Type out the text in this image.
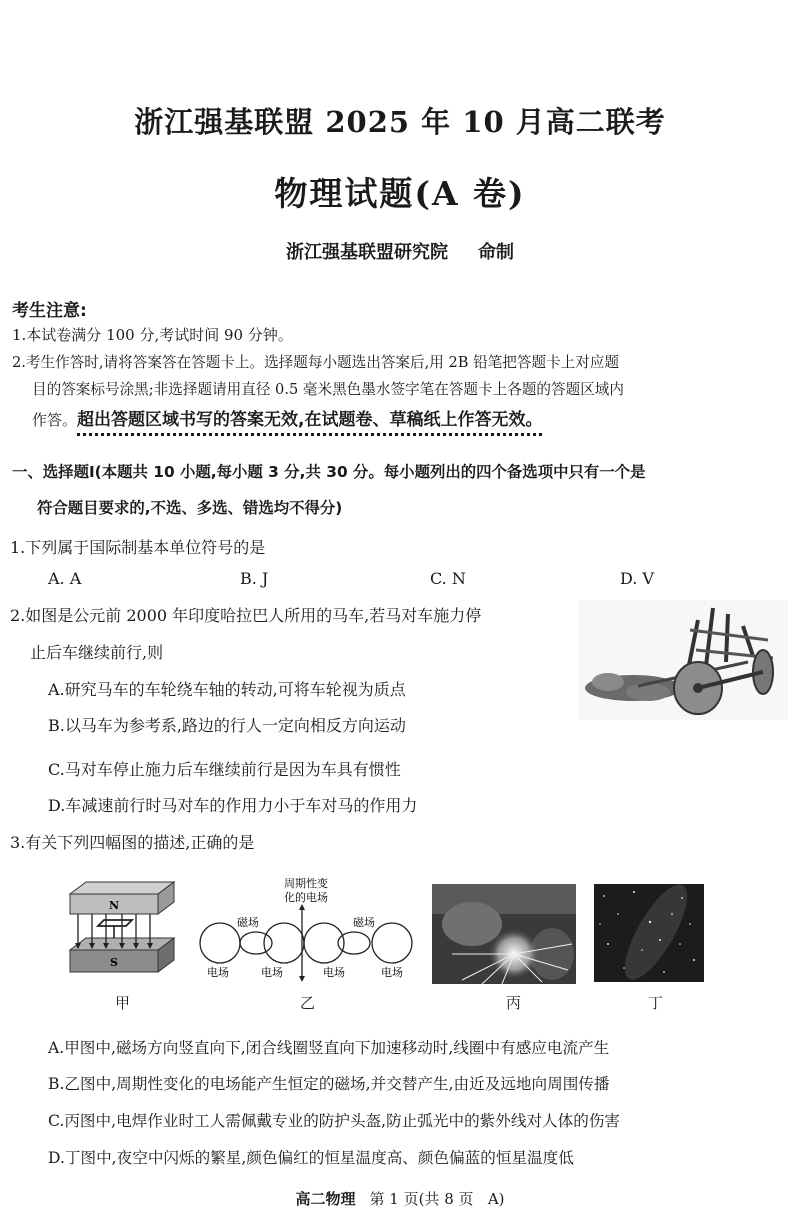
浙江强基联盟 2025 年 10 月高二联考
物理试题(A 卷)
浙江强基联盟研究院 命制
考生注意:
1.本试卷满分 100 分,考试时间 90 分钟。
2.考生作答时,请将答案答在答题卡上。选择题每小题选出答案后,用 2B 铅笔把答题卡上对应题
目的答案标号涂黑;非选择题请用直径 0.5 毫米黑色墨水签字笔在答题卡上各题的答题区域内
作答。超出答题区域书写的答案无效,在试题卷、草稿纸上作答无效。
一、选择题Ⅰ(本题共 10 小题,每小题 3 分,共 30 分。每小题列出的四个备选项中只有一个是
符合题目要求的,不选、多选、错选均不得分)
1.下列属于国际制基本单位符号的是
A. A	B. J	C. N	D. V
2.如图是公元前 2000 年印度哈拉巴人所用的马车,若马对车施力停
止后车继续前行,则
A.研究马车的车轮绕车轴的转动,可将车轮视为质点
B.以马车为参考系,路边的行人一定向相反方向运动
C.马对车停止施力后车继续前行是因为车具有惯性
D.车减速前行时马对车的作用力小于车对马的作用力
3.有关下列四幅图的描述,正确的是
N
S
周期性变
化的电场
磁场	磁场
电场	电场	电场	电场
甲	乙	丙	丁
A.甲图中,磁场方向竖直向下,闭合线圈竖直向下加速移动时,线圈中有感应电流产生
B.乙图中,周期性变化的电场能产生恒定的磁场,并交替产生,由近及远地向周围传播
C.丙图中,电焊作业时工人需佩戴专业的防护头盔,防止弧光中的紫外线对人体的伤害
D.丁图中,夜空中闪烁的繁星,颜色偏红的恒星温度高、颜色偏蓝的恒星温度低
高二物理 第 1 页(共 8 页 A)
